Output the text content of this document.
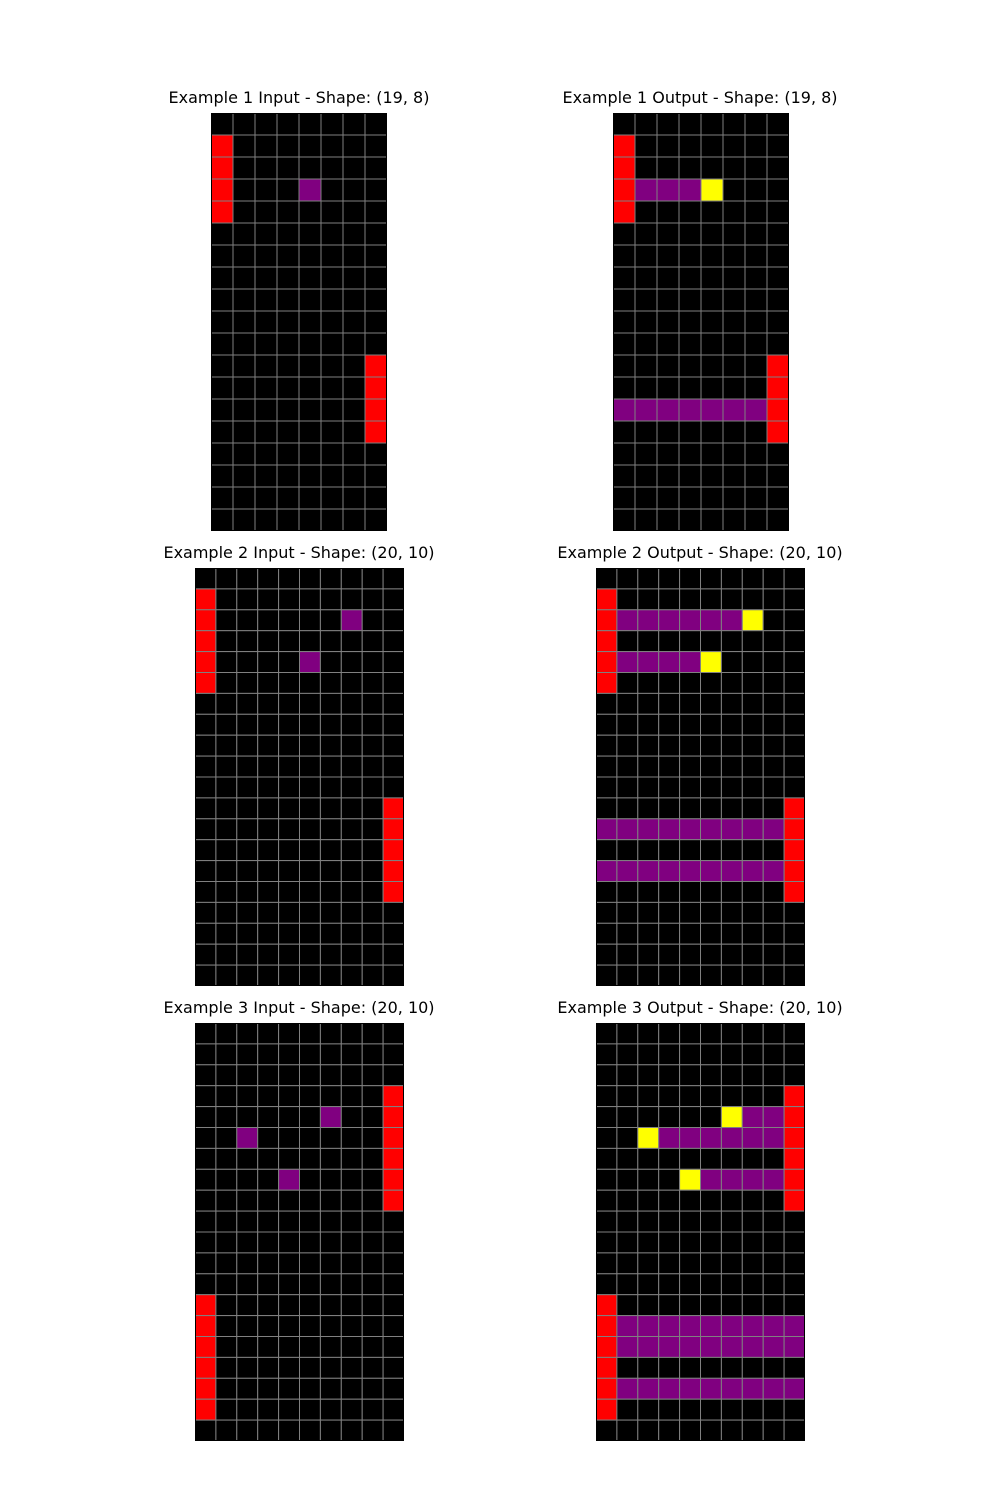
Example 1 Input - Shape: (19, 8)	Example 1 Output - Shape: (19, 8)
Example 2 Input - Shape: (20, 10)	Example 2 Output - Shape: (20, 10)
Example 3 Input - Shape: (20, 10)	Example 3 Output - Shape: (20, 10)
